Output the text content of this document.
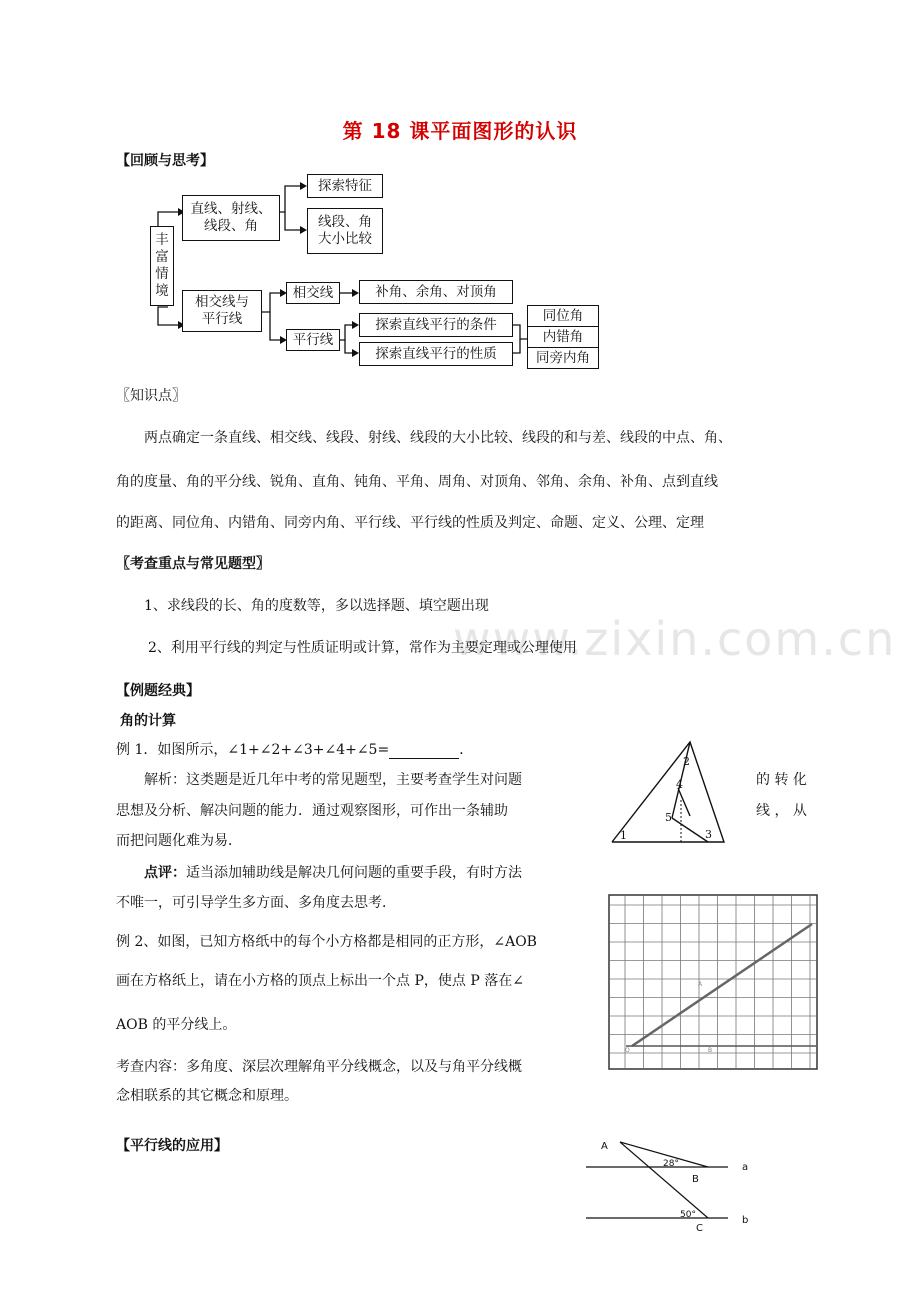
第 18 课平面图形的认识
【回顾与思考】
丰
富
情
境
直线、射线、
线段、角
探索特征
线段、角
大小比较
相交线与
平行线
相交线	补角、余角、对顶角
平行线
探索直线平行的条件
探索直线平行的性质
同位角
内错角
同旁内角
〖知识点〗
两点确定一条直线、相交线、线段、射线、线段的大小比较、线段的和与差、线段的中点、角、
角的度量、角的平分线、锐角、直角、钝角、平角、周角、对顶角、邻角、余角、补角、点到直线
的距离、同位角、内错角、同旁内角、平行线、平行线的性质及判定、命题、定义、公理、定理
〖考查重点与常见题型〗
www.zixin.com.cn
1、求线段的长、角的度数等，多以选择题、填空题出现
2、利用平行线的判定与性质证明或计算，常作为主要定理或公理使用
【例题经典】
角的计算
例 1．如图所示，∠1+∠2+∠3+∠4+∠5=	．
解析：这类题是近几年中考的常见题型，主要考查学生对问题	的 转 化
思想及分析、解决问题的能力．通过观察图形，可作出一条辅助	线 ， 从
而把问题化难为易．
点评：适当添加辅助线是解决几何问题的重要手段，有时方法
不唯一，可引导学生多方面、多角度去思考．
1
2
3
4
5
例 2、如图，已知方格纸中的每个小方格都是相同的正方形，∠AOB
画在方格纸上，请在小方格的顶点上标出一个点 P，使点 P 落在∠
AOB 的平分线上。
考查内容：多角度、深层次理解角平分线概念，以及与角平分线概
念相联系的其它概念和原理。
A
O	B
【平行线的应用】	A
B
C
a
b
28°
50°
